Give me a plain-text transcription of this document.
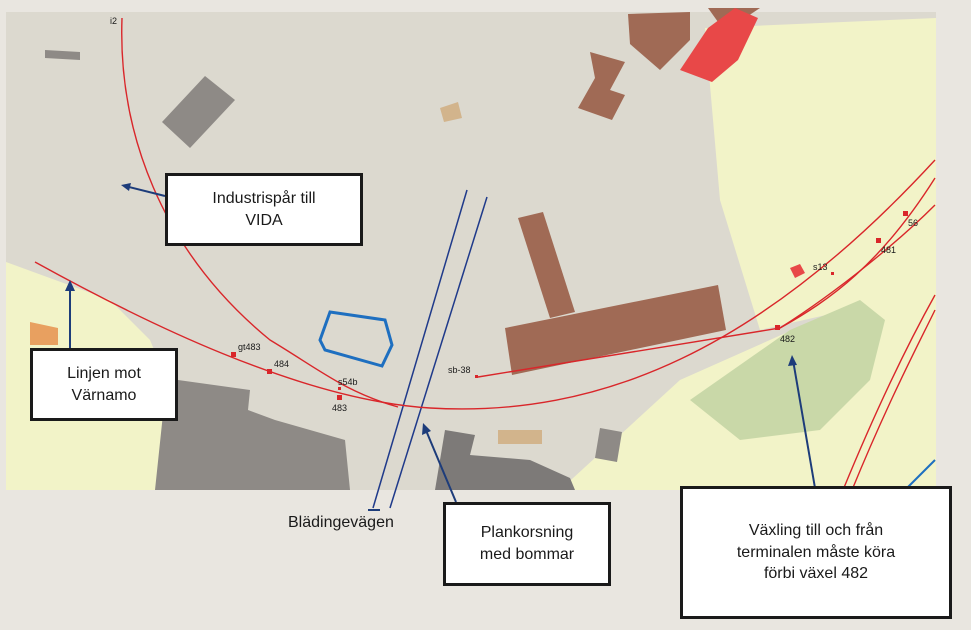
i2
gt483
484
s54b
483
sb-38
s13
481
482
56
Industrispår till
VIDA
Linjen mot
Värnamo
Plankorsning
med bommar
Växling till och från
terminalen måste köra
förbi växel 482
Blädingevägen
